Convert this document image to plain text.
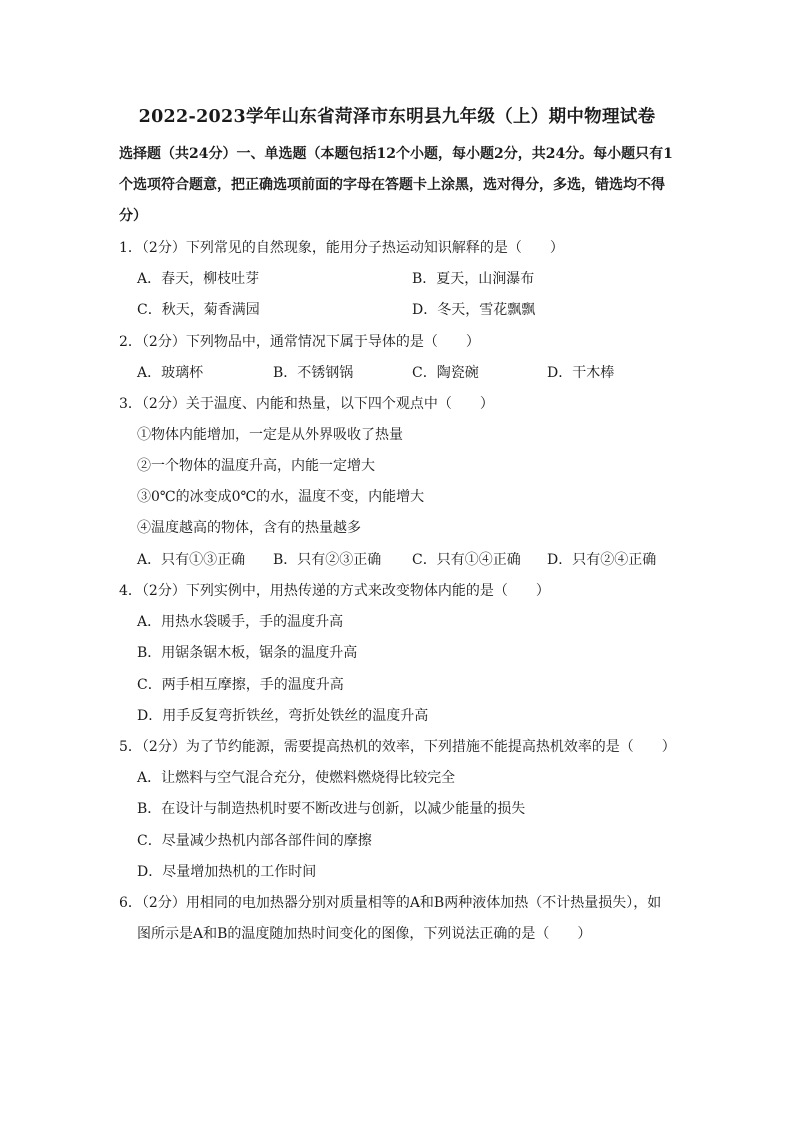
2022-2023学年山东省菏泽市东明县九年级（上）期中物理试卷
选择题（共24分）一、单选题（本题包括12个小题，每小题2分，共24分。每小题只有1个选项符合题意，把正确选项前面的字母在答题卡上涂黑，选对得分，多选，错选均不得分）
1．（2分）下列常见的自然现象，能用分子热运动知识解释的是（　　）
A．春天，柳枝吐芽	B．夏天，山涧瀑布
C．秋天，菊香满园	D．冬天，雪花飘飘
2．（2分）下列物品中，通常情况下属于导体的是（　　）
A．玻璃杯	B．不锈钢锅	C．陶瓷碗	D．干木棒
3．（2分）关于温度、内能和热量，以下四个观点中（　　）
①物体内能增加，一定是从外界吸收了热量
②一个物体的温度升高，内能一定增大
③0℃的冰变成0℃的水，温度不变，内能增大
④温度越高的物体，含有的热量越多
A．只有①③正确 B．只有②③正确 C．只有①④正确 D．只有②④正确
4．（2分）下列实例中，用热传递的方式来改变物体内能的是（　　）
A．用热水袋暖手，手的温度升高
B．用锯条锯木板，锯条的温度升高
C．两手相互摩擦，手的温度升高
D．用手反复弯折铁丝，弯折处铁丝的温度升高
5．（2分）为了节约能源，需要提高热机的效率，下列措施不能提高热机效率的是（　　）
A．让燃料与空气混合充分，使燃料燃烧得比较完全
B．在设计与制造热机时要不断改进与创新，以减少能量的损失
C．尽量减少热机内部各部件间的摩擦
D．尽量增加热机的工作时间
6．（2分）用相同的电加热器分别对质量相等的A和B两种液体加热（不计热量损失），如
图所示是A和B的温度随加热时间变化的图像，下列说法正确的是（　　）
